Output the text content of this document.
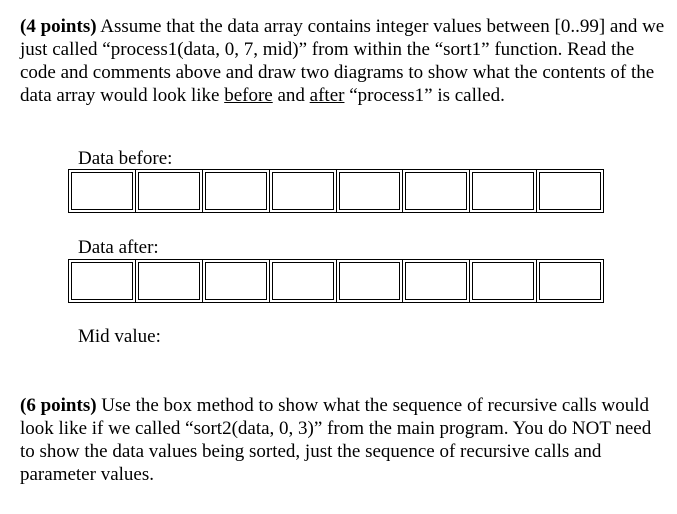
(4 points) Assume that the data array contains integer values between [0..99] and we just called “process1(data, 0, 7, mid)” from within the “sort1” function. Read the code and comments above and draw two diagrams to show what the contents of the data array would look like before and after “process1” is called.

Data before:

Data after:

Mid value:

(6 points) Use the box method to show what the sequence of recursive calls would look like if we called “sort2(data, 0, 3)” from the main program. You do NOT need to show the data values being sorted, just the sequence of recursive calls and parameter values.
